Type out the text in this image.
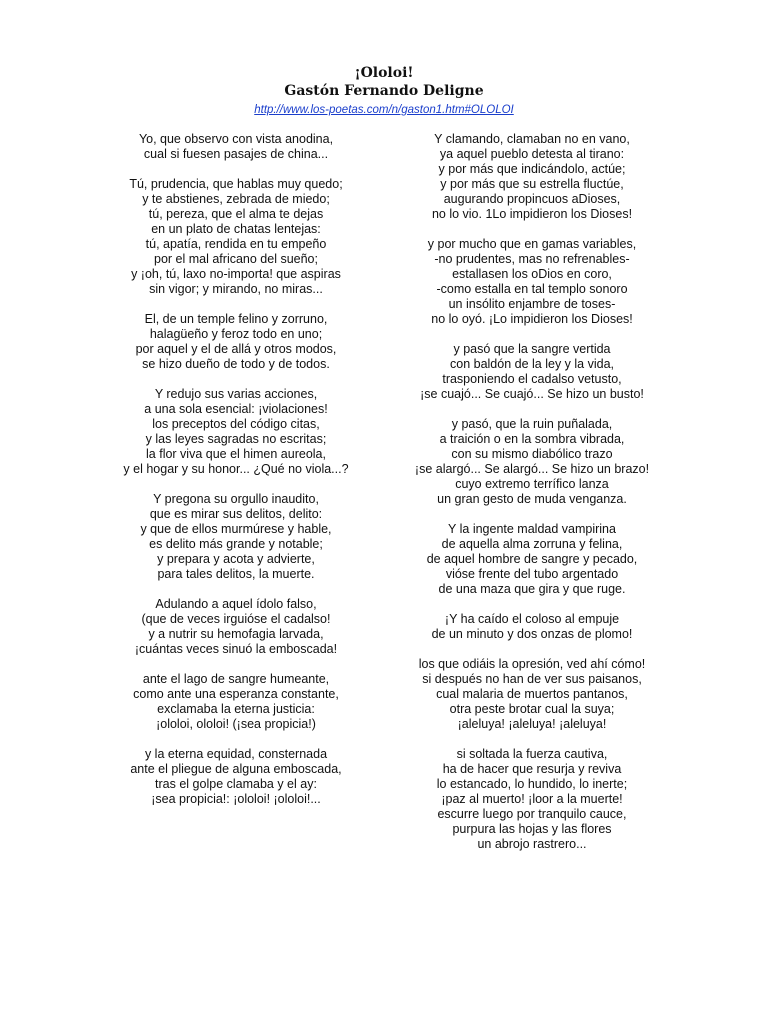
¡Ololoi!
Gastón Fernando Deligne
http://www.los-poetas.com/n/gaston1.htm#OLOLOI
Yo, que observo con vista anodina,
cual si fuesen pasajes de china...
Tú, prudencia, que hablas muy quedo;
y te abstienes, zebrada de miedo;
tú, pereza, que el alma te dejas
en un plato de chatas lentejas:
tú, apatía, rendida en tu empeño
por el mal africano del sueño;
y ¡oh, tú, laxo no-importa! que aspiras
sin vigor; y mirando, no miras...
El, de un temple felino y zorruno,
halagüeño y feroz todo en uno;
por aquel y el de allá y otros modos,
se hizo dueño de todo y de todos.
Y redujo sus varias acciones,
a una sola esencial: ¡violaciones!
los preceptos del código citas,
y las leyes sagradas no escritas;
la flor viva que el himen aureola,
y el hogar y su honor... ¿Qué no viola...?
Y pregona su orgullo inaudito,
que es mirar sus delitos, delito:
y que de ellos murmúrese y hable,
es delito más grande y notable;
y prepara y acota y advierte,
para tales delitos, la muerte.
Adulando a aquel ídolo falso,
(que de veces irguióse el cadalso!
y a nutrir su hemofagia larvada,
¡cuántas veces sinuó la emboscada!
ante el lago de sangre humeante,
como ante una esperanza constante,
exclamaba la eterna justicia:
¡ololoi, ololoi! (¡sea propicia!)
y la eterna equidad, consternada
ante el pliegue de alguna emboscada,
tras el golpe clamaba y el ay:
¡sea propicia!: ¡ololoi! ¡ololoi!...
Y clamando, clamaban no en vano,
ya aquel pueblo detesta al tirano:
y por más que indicándolo, actúe;
y por más que su estrella fluctúe,
augurando propincuos aDioses,
no lo vio. 1Lo impidieron los Dioses!
y por mucho que en gamas variables,
-no prudentes, mas no refrenables-
estallasen los oDios en coro,
-como estalla en tal templo sonoro
un insólito enjambre de toses-
no lo oyó. ¡Lo impidieron los Dioses!
y pasó que la sangre vertida
con baldón de la ley y la vida,
trasponiendo el cadalso vetusto,
¡se cuajó... Se cuajó... Se hizo un busto!
y pasó, que la ruin puñalada,
a traición o en la sombra vibrada,
con su mismo diabólico trazo
¡se alargó... Se alargó... Se hizo un brazo!
cuyo extremo terrífico lanza
un gran gesto de muda venganza.
Y la ingente maldad vampirina
de aquella alma zorruna y felina,
de aquel hombre de sangre y pecado,
vióse frente del tubo argentado
de una maza que gira y que ruge.
¡Y ha caído el coloso al empuje
de un minuto y dos onzas de plomo!
los que odiáis la opresión, ved ahí cómo!
si después no han de ver sus paisanos,
cual malaria de muertos pantanos,
otra peste brotar cual la suya;
¡aleluya! ¡aleluya! ¡aleluya!
si soltada la fuerza cautiva,
ha de hacer que resurja y reviva
lo estancado, lo hundido, lo inerte;
¡paz al muerto! ¡loor a la muerte!
escurre luego por tranquilo cauce,
purpura las hojas y las flores
un abrojo rastrero...
